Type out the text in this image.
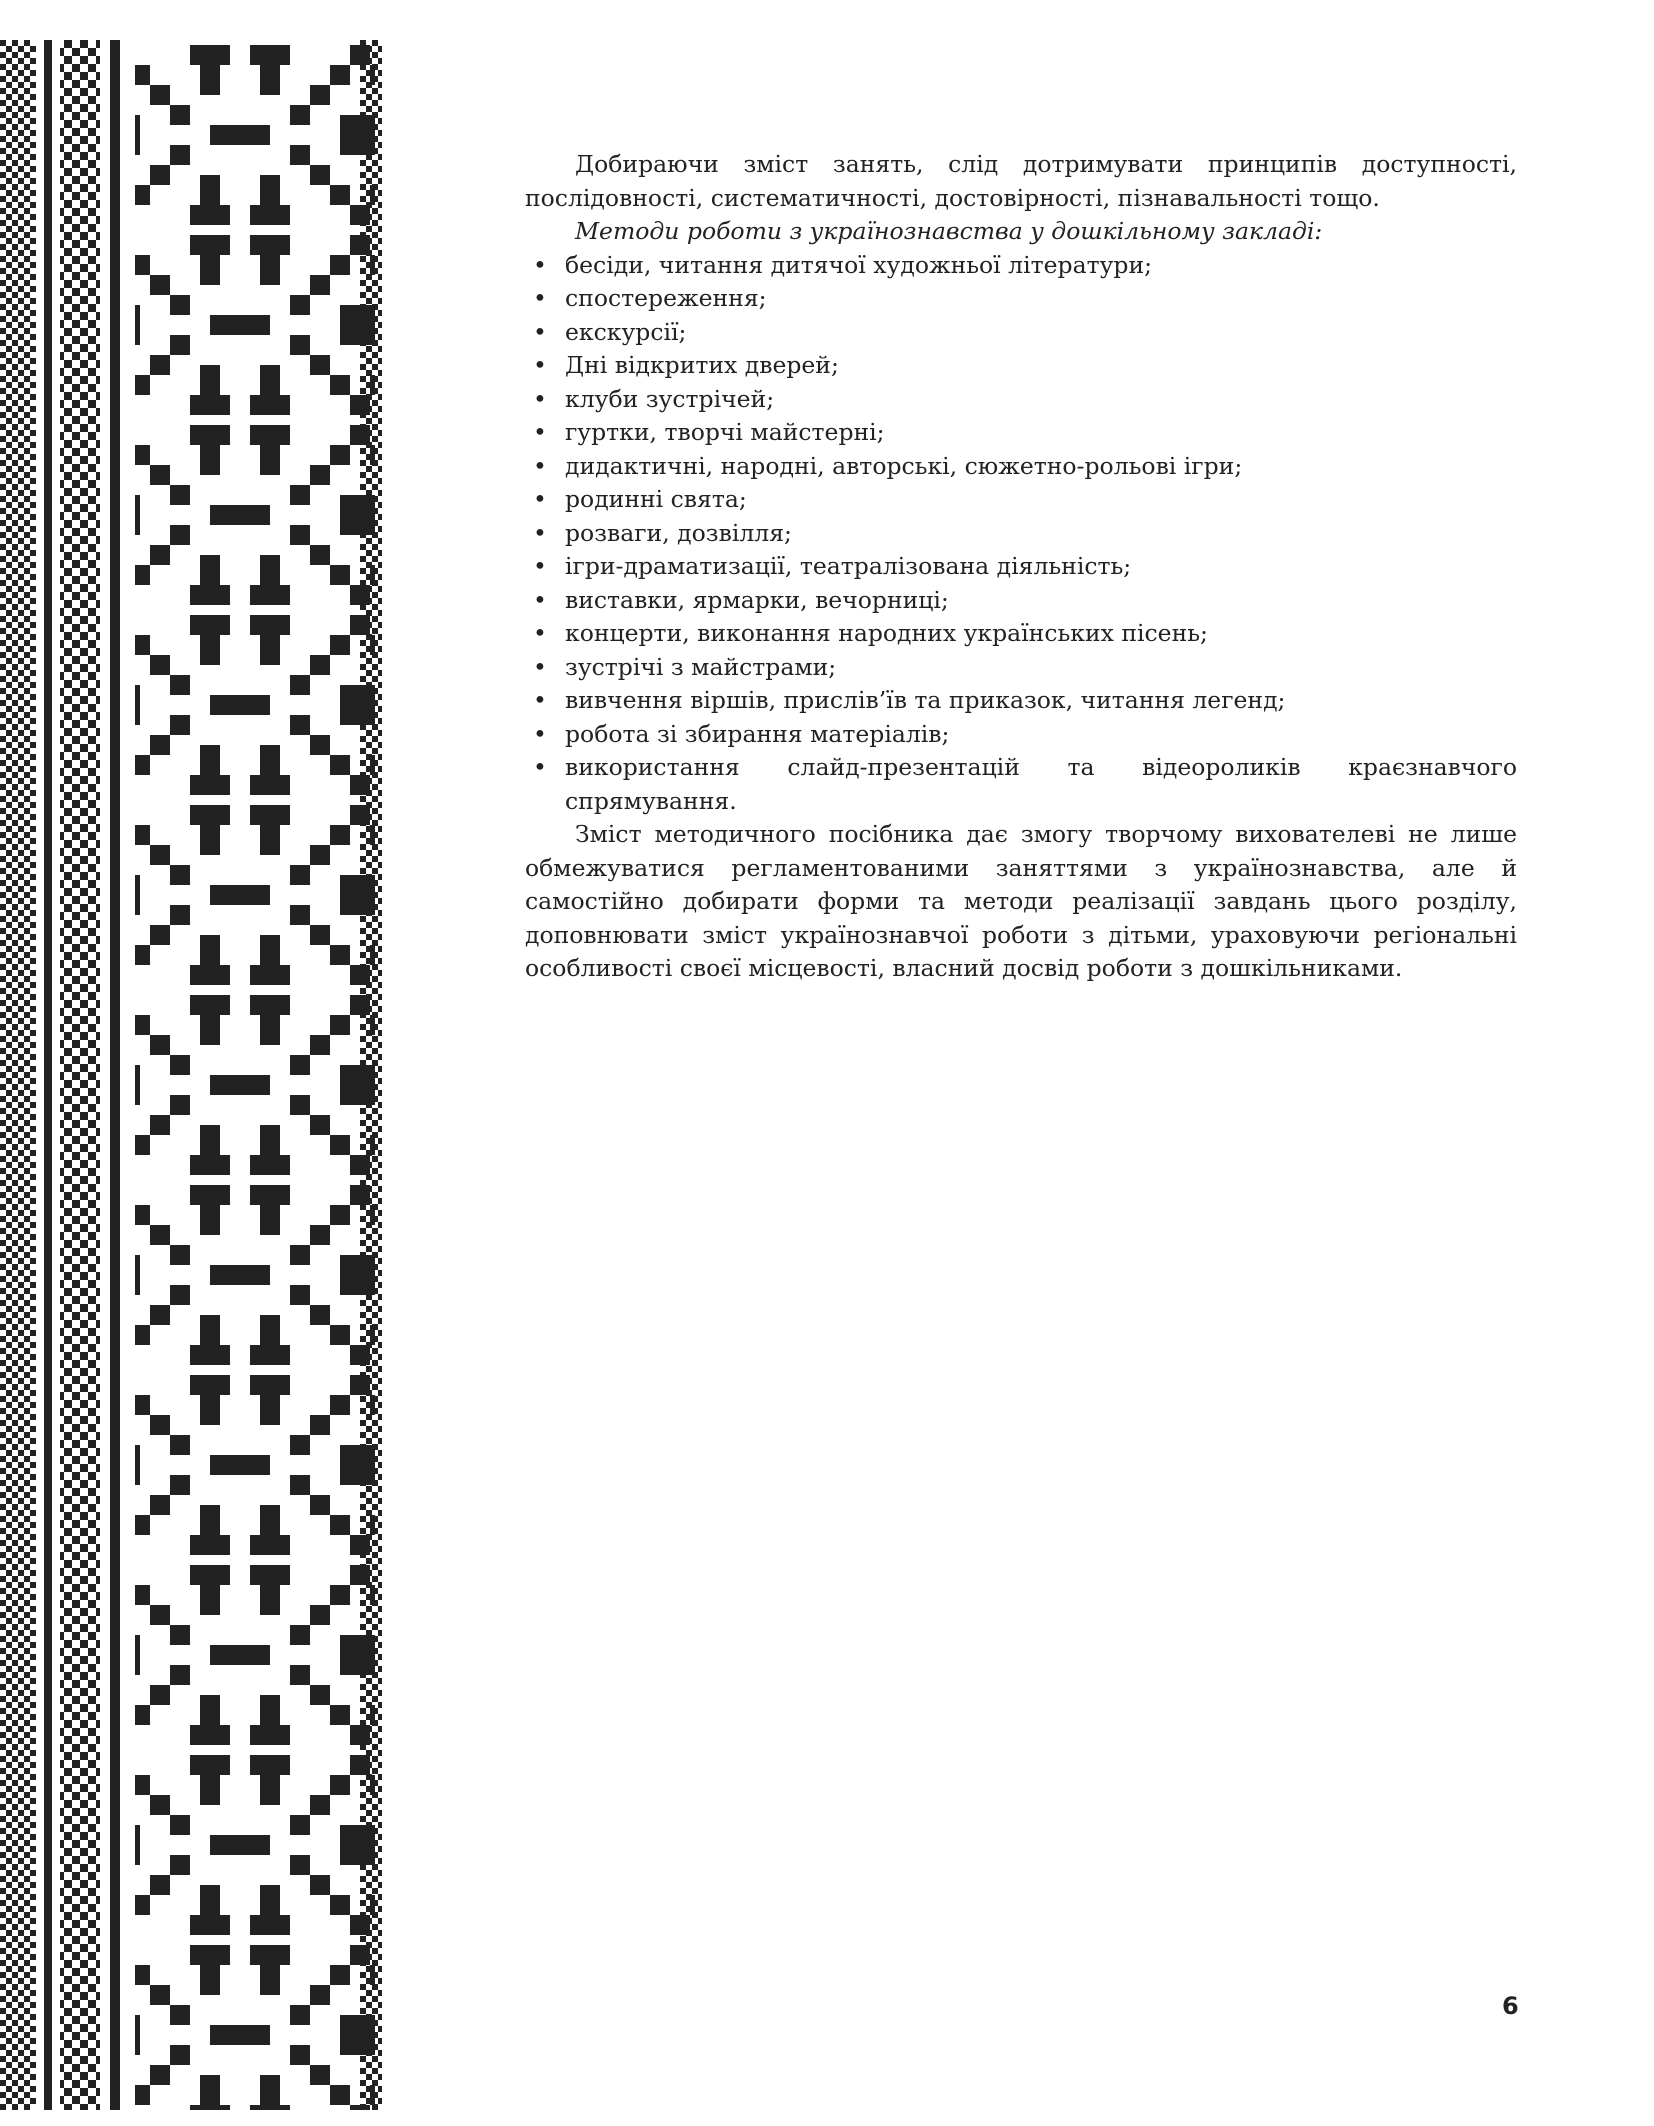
Добираючи зміст занять, слід дотримувати принципів доступності, послідовності, систематичності, достовірності, пізнавальності тощо.

Методи роботи з українознавства у дошкільному закладі:

• бесіди, читання дитячої художньої літератури;
• спостереження;
• екскурсії;
• Дні відкритих дверей;
• клуби зустрічей;
• гуртки, творчі майстерні;
• дидактичні, народні, авторські, сюжетно-рольові ігри;
• родинні свята;
• розваги, дозвілля;
• ігри-драматизації, театралізована діяльність;
• виставки, ярмарки, вечорниці;
• концерти, виконання народних українських пісень;
• зустрічі з майстрами;
• вивчення віршів, прислів’їв та приказок, читання легенд;
• робота зі збирання матеріалів;
• використання слайд-презентацій та відеороликів краєзнавчого спрямування.

Зміст методичного посібника дає змогу творчому вихователеві не лише обмежуватися регламентованими заняттями з українознавства, але й самостійно добирати форми та методи реалізації завдань цього розділу, доповнювати зміст українознавчої роботи з дітьми, ураховуючи регіональні особливості своєї місцевості, власний досвід роботи з дошкільниками.

6
